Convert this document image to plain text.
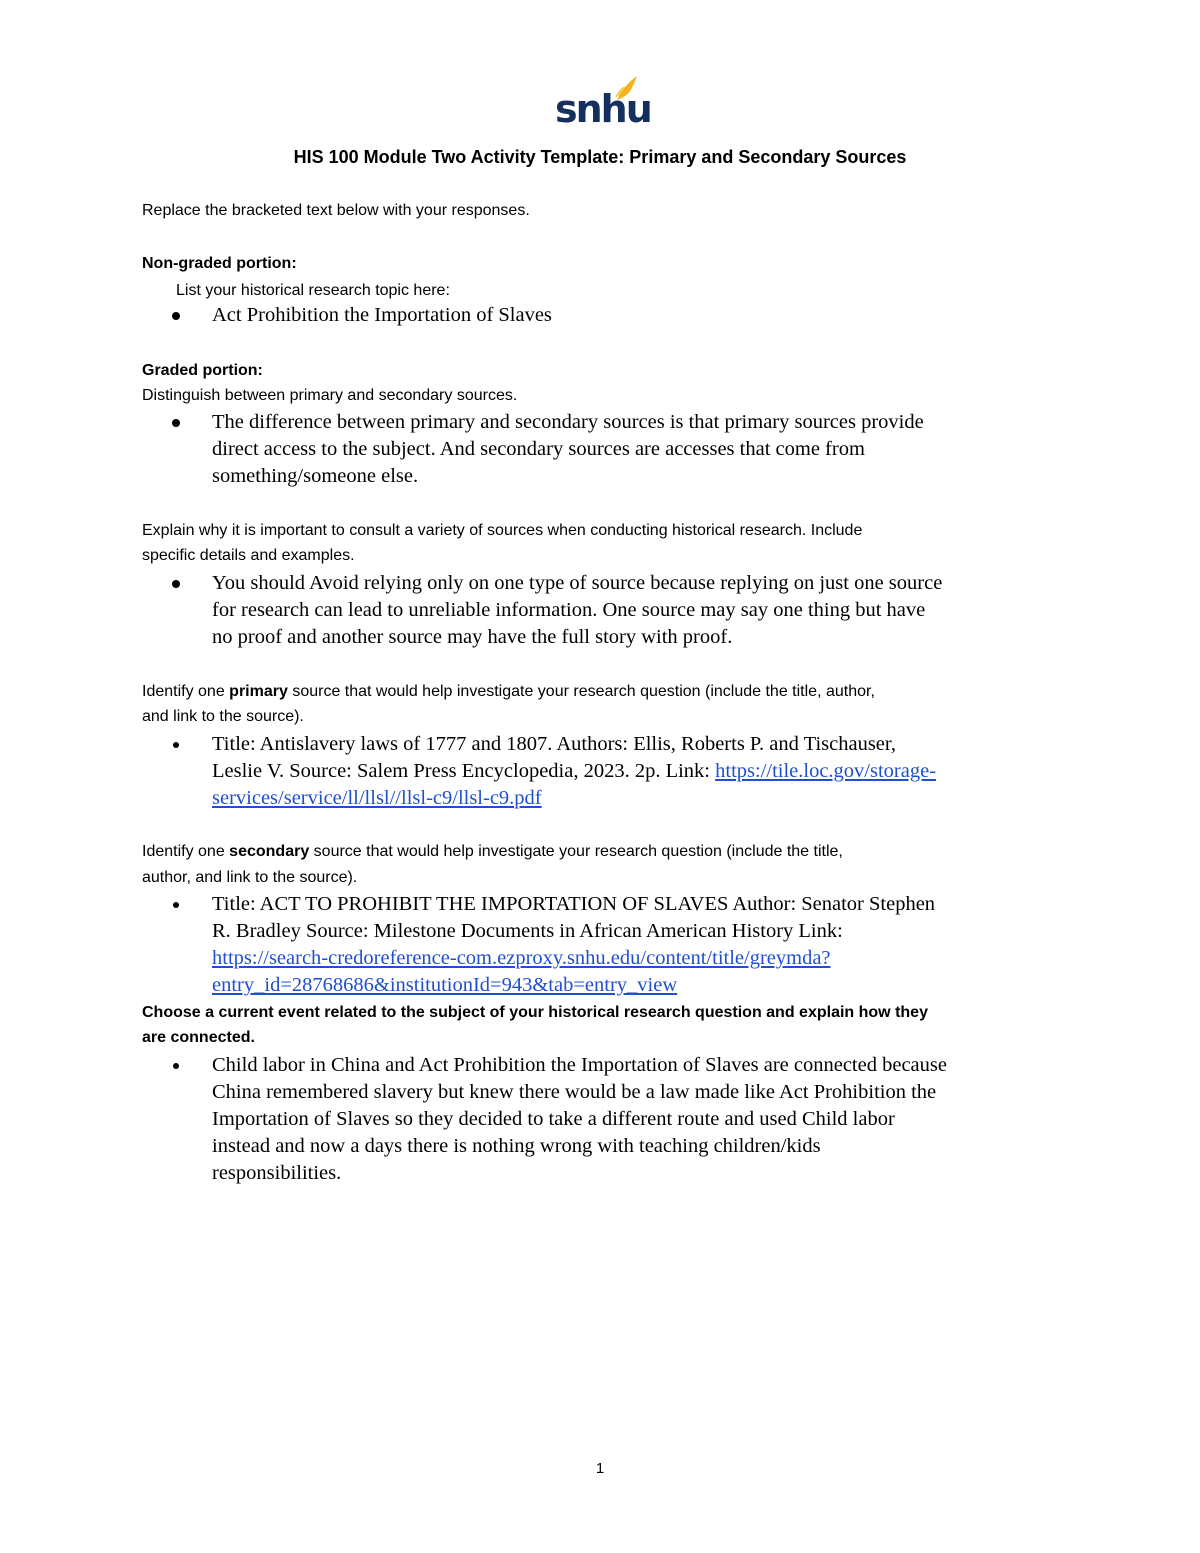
snhu
HIS 100 Module Two Activity Template: Primary and Secondary Sources
Replace the bracketed text below with your responses.
Non-graded portion:
List your historical research topic here:
Act Prohibition the Importation of Slaves
Graded portion:
Distinguish between primary and secondary sources.
The difference between primary and secondary sources is that primary sources provide
direct access to the subject. And secondary sources are accesses that come from
something/someone else.
Explain why it is important to consult a variety of sources when conducting historical research. Include
specific details and examples.
You should Avoid relying only on one type of source because replying on just one source
for research can lead to unreliable information. One source may say one thing but have
no proof and another source may have the full story with proof.
Identify one primary source that would help investigate your research question (include the title, author,
and link to the source).
Title: Antislavery laws of 1777 and 1807. Authors: Ellis, Roberts P. and Tischauser,
Leslie V. Source: Salem Press Encyclopedia, 2023. 2p. Link: https://tile.loc.gov/storage-
services/service/ll/llsl//llsl-c9/llsl-c9.pdf
Identify one secondary source that would help investigate your research question (include the title,
author, and link to the source).
Title: ACT TO PROHIBIT THE IMPORTATION OF SLAVES Author: Senator Stephen
R. Bradley Source: Milestone Documents in African American History Link:
https://search-credoreference-com.ezproxy.snhu.edu/content/title/greymda?
entry_id=28768686&institutionId=943&tab=entry_view
Choose a current event related to the subject of your historical research question and explain how they
are connected.
Child labor in China and Act Prohibition the Importation of Slaves are connected because
China remembered slavery but knew there would be a law made like Act Prohibition the
Importation of Slaves so they decided to take a different route and used Child labor
instead and now a days there is nothing wrong with teaching children/kids
responsibilities.
1
